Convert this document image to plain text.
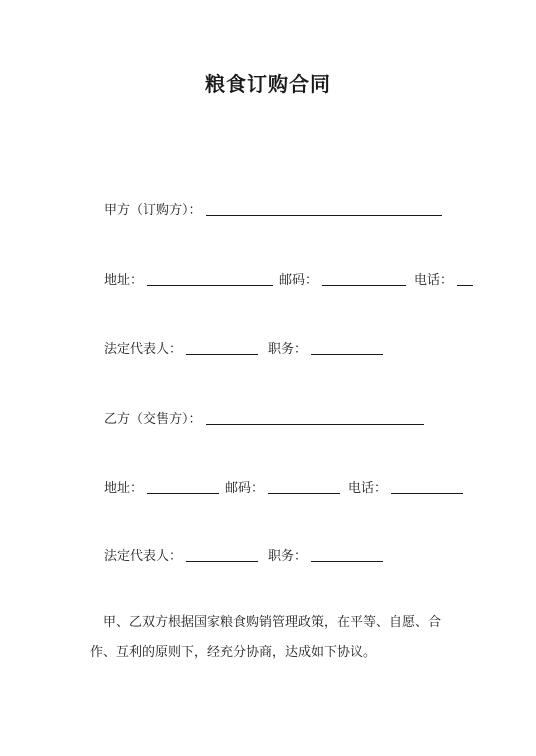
粮食订购合同
甲方（订购方）：
地址：	邮码：	电话：
法定代表人：	职务：
乙方（交售方）：
地址：	邮码：	电话：
法定代表人：	职务：
甲、乙双方根据国家粮食购销管理政策，在平等、自愿、合作、互利的原则下，经充分协商，达成如下协议。
